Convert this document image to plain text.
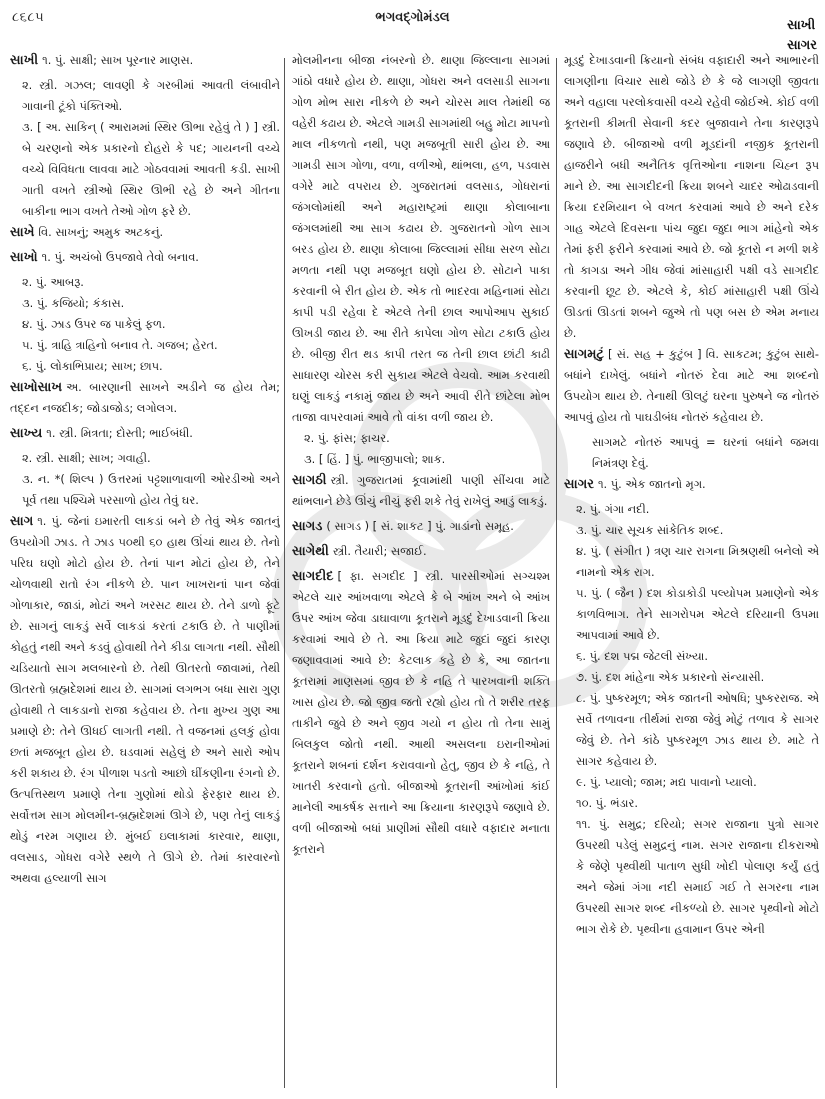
૮૬૮૫	ભગવદ્ગોમંડલ
સાખી
સાગર

સાખી ૧. પું. સાક્ષી; સાખ પૂરનાર માણસ.

૨. સ્ત્રી. ગઝલ; લાવણી કે ગરબીમાં આવતી લંબાવીને ગાવાની ટૂંકો પંક્તિઓ.

૩. [ અ. સાકિન્ ( આરામમાં સ્થિર ઊભા રહેવું તે ) ] સ્ત્રી. બે ચરણનો એક પ્રકારનો દોહરો કે પદ; ગાયનની વચ્ચે વચ્ચે વિવિધતા લાવવા માટે ગોઠવવામાં આવતી કડી. સાખી ગાતી વખતે સ્ત્રીઓ સ્થિર ઊભી રહે છે અને ગીતના બાકીના ભાગ વખતે તેઓ ગોળ ફરે છે.

સાખે વિ. સાખનું; અમુક અટકનું.

સાખો ૧. પું. અચંબો ઉપજાવે તેવો બનાવ.

૨. પું. આબરૂ.

૩. પું. કજિયો; કંકાસ.

૪. પું. ઝાડ ઉપર જ પાકેલું ફળ.

૫. પું. ત્રાહિ ત્રાહિનો બનાવ તે. ગજબ; હેરત.

૬. પું. લોકાભિપ્રાય; સાખ; છાપ.

સાખોસાખ અ. બારણાની સાખને અડીને જ હોય તેમ; તદ્દન નજદીક; જોડાજોડ; લગોલગ.

સાખ્ય ૧. સ્ત્રી. મિત્રતા; દોસ્તી; ભાઈબંધી.

૨. સ્ત્રી. સાક્ષી; સાખ; ગવાહી.

૩. ન. *( શિલ્પ ) ઉત્તરમાં પટ્ટશાળાવાળી ઓરડીઓ અને પૂર્વ તથા પશ્ચિમે પરસાળો હોય તેવું ઘર.

સાગ ૧. પું. જેનાં ઇમારતી લાકડાં બને છે તેવું એક જાતનું ઉપયોગી ઝાડ. તે ઝાડ ૫૦થી ૬૦ હાથ ઊંચાં થાય છે. તેનો પરિઘ ઘણો મોટો હોય છે. તેનાં પાન મોટાં હોય છે, તેને ચોળવાથી રાતો રંગ નીકળે છે. પાન ખાખરાનાં પાન જેવાં ગોળાકાર, જાડાં, મોટાં અને ખરસટ થાય છે. તેને ડાળો ફૂટે છે. સાગનું લાકડું સર્વે લાકડાં કરતાં ટકાઉ છે. તે પાણીમાં કોહતું નથી અને કડવું હોવાથી તેને કીડા લાગતા નથી. સૌથી ચડિયાતો સાગ મલબારનો છે. તેથી ઊતરતો જાવામાં, તેથી ઊતરતો બ્રહ્મદેશમાં થાય છે. સાગમાં લગભગ બધા સારા ગુણ હોવાથી તે લાકડાનો રાજા કહેવાય છે. તેના મુખ્ય ગુણ આ પ્રમાણે છે: તેને ઊધઈ લાગતી નથી. તે વજનમાં હલકું હોવા છતાં મજબૂત હોય છે. ઘડવામાં સહેલું છે અને સારો ઓપ કરી શકાય છે. રંગ પીળાશ પડતો આછો ઘીંકણીના રંગનો છે. ઉત્પત્તિસ્થળ પ્રમાણે તેના ગુણોમાં થોડો ફેરફાર થાય છે. સર્વોત્તમ સાગ મોલમીન-બ્રહ્મદેશમાં ઊગે છે, પણ તેનું લાકડું થોડું નરમ ગણાય છે. મુંબઈ ઇલાકામાં કારવાર, થાણા, વલસાડ, ગોધરા વગેરે સ્થળે તે ઊગે છે. તેમાં કારવારનો અથવા હલ્યાળી સાગ

મોલમીનના બીજા નંબરનો છે. થાણા જિલ્લાના સાગમાં ગાંઠો વધારે હોય છે. થાણા, ગોધરા અને વલસાડી સાગના ગોળ મોભ સારા નીકળે છે અને ચોરસ માલ તેમાંથી જ વહેરી કઢાય છે. એટલે ગામડી સાગમાંથી બહુ મોટા માપનો માલ નીકળતો નથી, પણ મજબૂતી સારી હોય છે. આ ગામડી સાગ ગોળા, વળા, વળીઓ, થાંભલા, હળ, પડવાસ વગેરે માટે વપરાય છે. ગુજરાતમાં વલસાડ, ગોધરાનાં જંગલોમાંથી અને મહારાષ્ટ્રમાં થાણા કોલાબાના જંગલમાંથી આ સાગ કઢાય છે. ગુજરાતનો ગોળ સાગ બરડ હોય છે. થાણા કોલાબા જિલ્લામાં સીધા સરળ સોટા મળતા નથી પણ મજબૂત ઘણો હોય છે. સોટાને પાકા કરવાની બે રીત હોય છે. એક તો ભાદરવા મહિનામાં સોટા કાપી પડી રહેવા દે એટલે તેની છાલ આપોઆપ સુકાઈ ઊખડી જાય છે. આ રીતે કાપેલા ગોળ સોટા ટકાઉ હોય છે. બીજી રીત થડ કાપી તરત જ તેની છાલ છાંટી કાઢી સાધારણ ચોરસ કરી સુકાય એટલે વેચવો. આમ કરવાથી ઘણું લાકડું નકામું જાય છે અને આવી રીતે છાંટેલા મોભ તાજા વાપરવામાં આવે તો વાંકા વળી જાય છે.

૨. પું. ફાંસ; ફાચર.

૩. [ હિં. ] પું. ભાજીપાલો; શાક.

સાગઠી સ્ત્રી. ગુજરાતમાં કૂવામાંથી પાણી સીંચવા માટે થાંભલાને છેડે ઊંચું નીચું ફરી શકે તેવું રાખેલું આડું લાકડું.

સાગડ ( સાગડ ) [ સં. શાકટ ] પું. ગાડાંનો સમૂહ.

સાગેથી સ્ત્રી. તૈયારી; સજાઈ.

સાગદીદ [ ફા. સગદીદ ] સ્ત્રી. પારસીઓમાં સગ્ચશ્મ એટલે ચાર આંખવાળા એટલે કે બે આંખ અને બે આંખ ઉપર આંખ જેવા ડાઘાવાળા કૂતરાને મૂડદું દેખાડવાની ક્રિયા કરવામાં આવે છે તે. આ ક્રિયા માટે જુદાં જુદાં કારણ જણાવવામાં આવે છે: કેટલાક કહે છે કે, આ જાતના કૂતરામાં માણસમાં જીવ છે કે નહિ તે પારખવાની શક્તિ ખાસ હોય છે. જો જીવ જતો રહ્યો હોય તો તે શરીર તરફ તાકીને જુવે છે અને જીવ ગયો ન હોય તો તેના સામું બિલકુલ જોતો નથી. આથી અસલના ઇરાનીઓમાં કૂતરાને શબનાં દર્શન કરાવવાનો હેતુ, જીવ છે કે નહિ, તે ખાતરી કરવાનો હતો. બીજાઓ કૂતરાની આંખોમાં કાંઈ માનેલી આકર્ષક સત્તાને આ ક્રિયાના કારણરૂપે જણાવે છે. વળી બીજાઓ બધાં પ્રાણીમાં સૌથી વધારે વફાદાર મનાતા કૂતરાને

મૂડદું દેખાડવાની ક્રિયાનો સંબંધ વફાદારી અને આભારની લાગણીના વિચાર સાથે જોડે છે કે જે લાગણી જીવતા અને વહાલા પરલોકવાસી વચ્ચે રહેવી જોઈએ. કોઈ વળી કૂતરાની કીમતી સેવાની કદર બુજાવાને તેના કારણરૂપે જણાવે છે. બીજાઓ વળી મૂડદાંની નજીક કૂતરાની હાજરીને બધી અનૈતિક વૃત્તિઓના નાશના ચિહ્ન રૂપ માને છે. આ સાગદીદની ક્રિયા શબને ચાદર ઓઢાડવાની ક્રિયા દરમિયાન બે વખત કરવામાં આવે છે અને દરેક ગાહ એટલે દિવસના પાંચ જુદા જુદા ભાગ માંહેનો એક તેમાં ફરી ફરીને કરવામાં આવે છે. જો કૂતરો ન મળી શકે તો કાગડા અને ગીધ જેવાં માંસાહારી પક્ષી વડે સાગદીદ કરવાની છૂટ છે. એટલે કે, કોઈ માંસાહારી પક્ષી ઊંચે ઊડતાં ઊડતાં શબને જુએ તો પણ બસ છે એમ મનાય છે.

સાગમટું [ સં. સહ + કુટુંબ ] વિ. સાકટમ; કુટુંબ સાથે-બધાંને દાખેલું. બધાંને નોતરું દેવા માટે આ શબ્દનો ઉપયોગ થાય છે. તેનાથી ઊલટું ઘરના પુરુષને જ નોતરું આપવું હોય તો પાઘડીબંધ નોતરું કહેવાય છે.

સાગમટે નોતરું આપવું = ઘરનાં બધાંને જમવા નિમંત્રણ દેવું.

સાગર ૧. પું. એક જાતનો મૃગ.

૨. પું. ગંગા નદી.

૩. પું. ચાર સૂચક સાંકેતિક શબ્દ.

૪. પું. ( સંગીત ) ત્રણ ચાર રાગના મિશ્રણથી બનેલો એ નામનો એક રાગ.

૫. પું. ( જૈન ) દશ કોડાકોડી પલ્યોપમ પ્રમાણેનો એક કાળવિભાગ. તેને સાગરોપમ એટલે દરિયાની ઉપમા આપવામાં આવે છે.

૬. પું. દશ પદ્મ જેટલી સંખ્યા.

૭. પું. દશ માંહેના એક પ્રકારનો સંન્યાસી.

૮. પું. પુષ્કરમૂળ; એક જાતની ઓષધિ; પુષ્કરરાજ. એ સર્વે તળાવના તીર્થમાં રાજા જેવું મોટું તળાવ કે સાગર જેવું છે. તેને કાંઠે પુષ્કરમૂળ ઝાડ થાય છે. માટે તે સાગર કહેવાય છે.

૯. પું. પ્યાલો; જામ; મદ્ય પાવાનો પ્યાલો.

૧૦. પું. ભંડાર.

૧૧. પું. સમુદ્ર; દરિયો; સગર રાજાના પુત્રો સાગર ઉપરથી પડેલું સમુદ્રનું નામ. સગર રાજાના દીકરાઓ કે જેણે પૃથ્વીથી પાતાળ સુધી ખોદી પોલાણ કર્યું હતું અને જેમાં ગંગા નદી સમાઈ ગઈ તે સગરના નામ ઉપરથી સાગર શબ્દ નીકળ્યો છે. સાગર પૃથ્વીનો મોટો ભાગ રોકે છે. પૃથ્વીના હવામાન ઉપર એની
